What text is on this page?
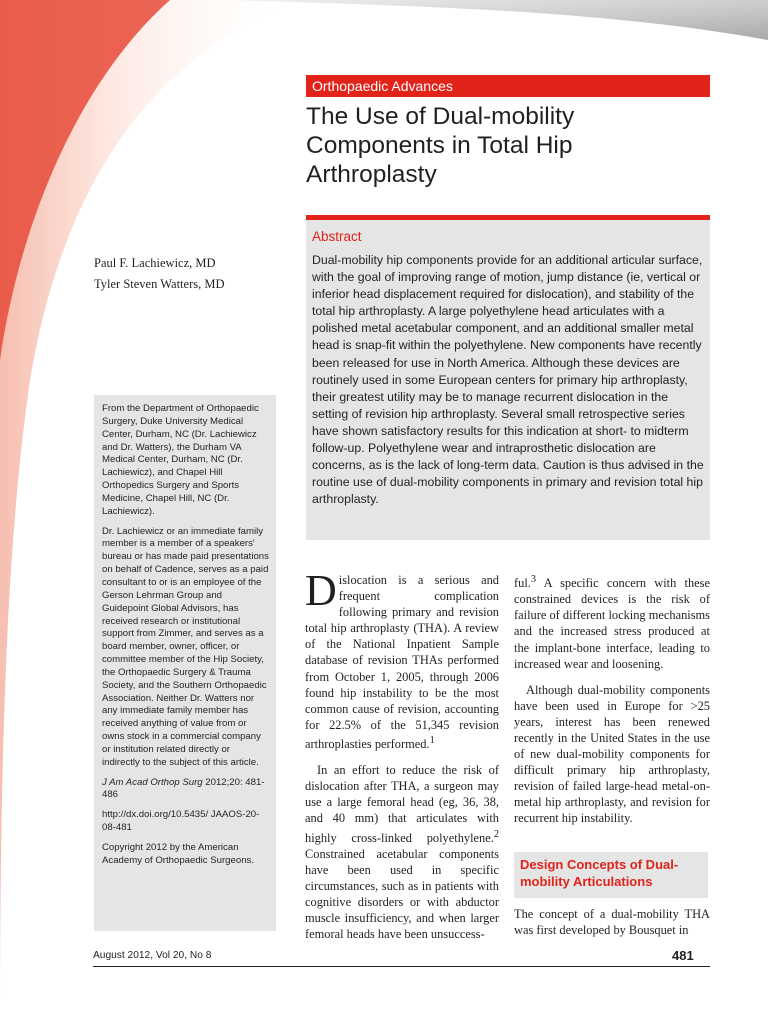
Orthopaedic Advances
The Use of Dual-mobility
Components in Total Hip
Arthroplasty
Abstract

Dual-mobility hip components provide for an additional articular surface, with the goal of improving range of motion, jump distance (ie, vertical or inferior head displacement required for dislocation), and stability of the total hip arthroplasty. A large polyethylene head articulates with a polished metal acetabular component, and an additional smaller metal head is snap-fit within the polyethylene. New components have recently been released for use in North America. Although these devices are routinely used in some European centers for primary hip arthroplasty, their greatest utility may be to manage recurrent dislocation in the setting of revision hip arthroplasty. Several small retrospective series have shown satisfactory results for this indication at short- to midterm follow-up. Polyethylene wear and intraprosthetic dislocation are concerns, as is the lack of long-term data. Caution is thus advised in the routine use of dual-mobility components in primary and revision total hip arthroplasty.

Paul F. Lachiewicz, MD
Tyler Steven Watters, MD

From the Department of Orthopaedic Surgery, Duke University Medical Center, Durham, NC (Dr. Lachiewicz and Dr. Watters), the Durham VA Medical Center, Durham, NC (Dr. Lachiewicz), and Chapel Hill Orthopedics Surgery and Sports Medicine, Chapel Hill, NC (Dr. Lachiewicz).

Dr. Lachiewicz or an immediate family member is a member of a speakers' bureau or has made paid presentations on behalf of Cadence, serves as a paid consultant to or is an employee of the Gerson Lehrman Group and Guidepoint Global Advisors, has received research or institutional support from Zimmer, and serves as a board member, owner, officer, or committee member of the Hip Society, the Orthopaedic Surgery & Trauma Society, and the Southern Orthopaedic Association. Neither Dr. Watters nor any immediate family member has received anything of value from or owns stock in a commercial company or institution related directly or indirectly to the subject of this article.

J Am Acad Orthop Surg 2012;20: 481-486

http://dx.doi.org/10.5435/ JAAOS-20-08-481

Copyright 2012 by the American Academy of Orthopaedic Surgeons.

Dislocation is a serious and frequent complication following primary and revision total hip arthroplasty (THA). A review of the National Inpatient Sample database of revision THAs performed from October 1, 2005, through 2006 found hip instability to be the most common cause of revision, accounting for 22.5% of the 51,345 revision arthroplasties performed.$^1$

In an effort to reduce the risk of dislocation after THA, a surgeon may use a large femoral head (eg, 36, 38, and 40 mm) that articulates with highly cross-linked polyethylene.$^2$ Constrained acetabular components have been used in specific circumstances, such as in patients with cognitive disorders or with abductor muscle insufficiency, and when larger femoral heads have been unsuccess-

ful.$^3$ A specific concern with these constrained devices is the risk of failure of different locking mechanisms and the increased stress produced at the implant-bone interface, leading to increased wear and loosening.

Although dual-mobility components have been used in Europe for >25 years, interest has been renewed recently in the United States in the use of new dual-mobility components for difficult primary hip arthroplasty, revision of failed large-head metal-on-metal hip arthroplasty, and revision for recurrent hip instability.

Design Concepts of Dual-mobility Articulations

The concept of a dual-mobility THA was first developed by Bousquet in

August 2012, Vol 20, No 8	481
